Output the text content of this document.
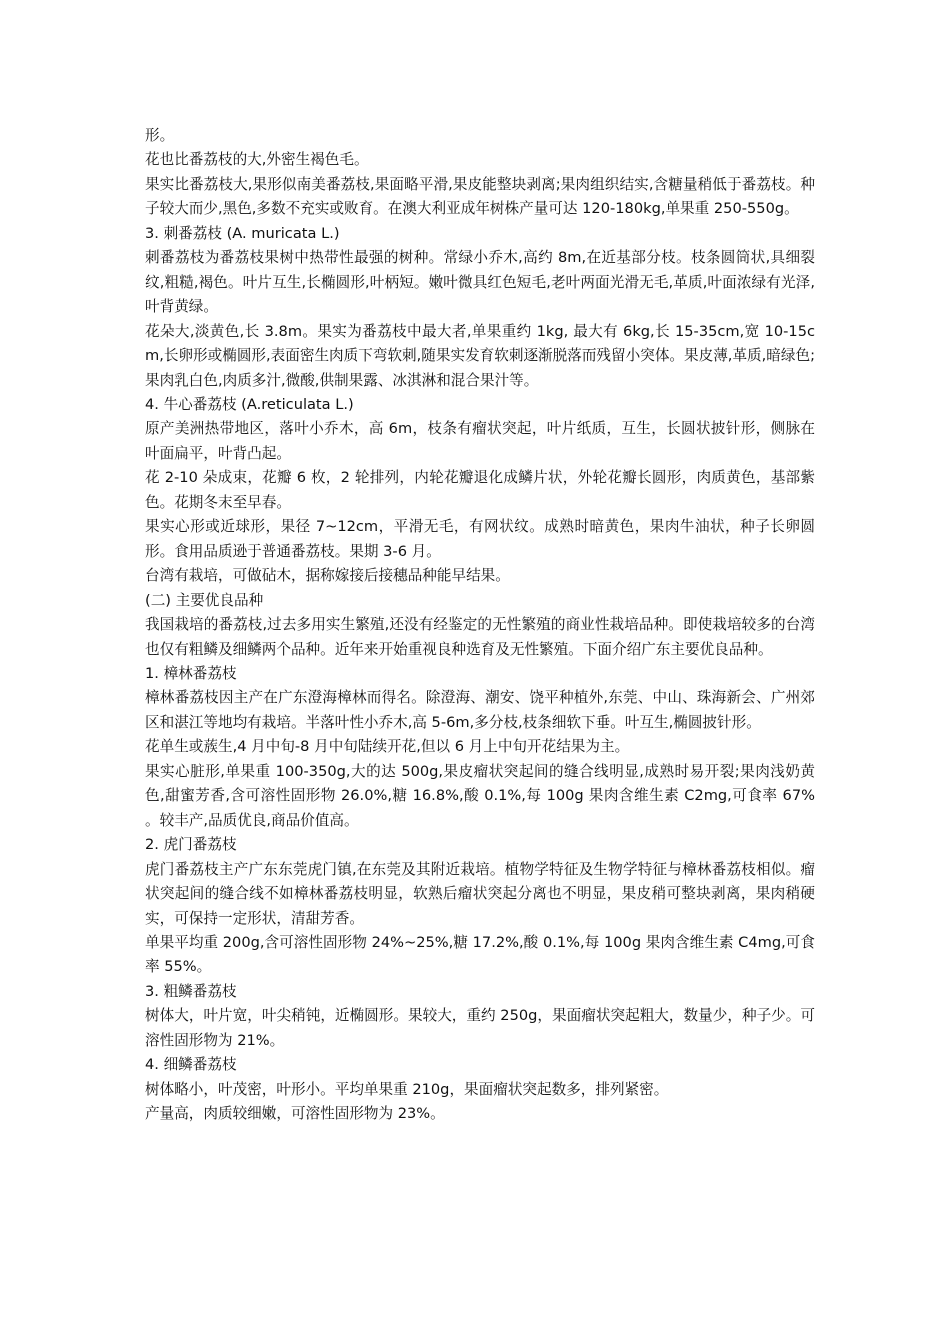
形。

花也比番荔枝的大,外密生褐色毛。

果实比番荔枝大,果形似南美番荔枝,果面略平滑,果皮能整块剥离;果肉组织结实,含糖量稍低于番荔枝。种子较大而少,黑色,多数不充实或败育。在澳大利亚成年树株产量可达 120-180kg,单果重 250-550g。

3. 刺番荔枝 (A. muricata L.)

刺番荔枝为番荔枝果树中热带性最强的树种。常绿小乔木,高约 8m,在近基部分枝。枝条圆筒状,具细裂纹,粗糙,褐色。叶片互生,长椭圆形,叶柄短。嫩叶微具红色短毛,老叶两面光滑无毛,革质,叶面浓绿有光泽,叶背黄绿。

花朵大,淡黄色,长 3.8m。果实为番荔枝中最大者,单果重约 1kg, 最大有 6kg,长 15-35cm,宽 10-15cm,长卵形或椭圆形,表面密生肉质下弯软刺,随果实发育软刺逐渐脱落而残留小突体。果皮薄,革质,暗绿色;果肉乳白色,肉质多汁,微酸,供制果露、冰淇淋和混合果汁等。

4. 牛心番荔枝 (A.reticulata L.)

原产美洲热带地区，落叶小乔木，高 6m，枝条有瘤状突起，叶片纸质，互生，长圆状披针形，侧脉在叶面扁平，叶背凸起。

花 2-10 朵成束，花瓣 6 枚，2 轮排列，内轮花瓣退化成鳞片状，外轮花瓣长圆形，肉质黄色，基部紫色。花期冬末至早春。

果实心形或近球形，果径 7~12cm，平滑无毛，有网状纹。成熟时暗黄色，果肉牛油状，种子长卵圆形。食用品质逊于普通番荔枝。果期 3-6 月。

台湾有栽培，可做砧木，据称嫁接后接穗品种能早结果。

(二) 主要优良品种

我国栽培的番荔枝,过去多用实生繁殖,还没有经鉴定的无性繁殖的商业性栽培品种。即使栽培较多的台湾也仅有粗鳞及细鳞两个品种。近年来开始重视良种选育及无性繁殖。下面介绍广东主要优良品种。

1. 樟林番荔枝

樟林番荔枝因主产在广东澄海樟林而得名。除澄海、潮安、饶平种植外,东莞、中山、珠海新会、广州郊区和湛江等地均有栽培。半落叶性小乔木,高 5-6m,多分枝,枝条细软下垂。叶互生,椭圆披针形。

花单生或蔟生,4 月中旬-8 月中旬陆续开花,但以 6 月上中旬开花结果为主。

果实心脏形,单果重 100-350g,大的达 500g,果皮瘤状突起间的缝合线明显,成熟时易开裂;果肉浅奶黄色,甜蜜芳香,含可溶性固形物 26.0%,糖 16.8%,酸 0.1%,每 100g 果肉含维生素 C2mg,可食率 67% 。较丰产,品质优良,商品价值高。

2. 虎门番荔枝

虎门番荔枝主产广东东莞虎门镇,在东莞及其附近栽培。植物学特征及生物学特征与樟林番荔枝相似。瘤状突起间的缝合线不如樟林番荔枝明显，软熟后瘤状突起分离也不明显，果皮稍可整块剥离，果肉稍硬实，可保持一定形状，清甜芳香。

单果平均重 200g,含可溶性固形物 24%~25%,糖 17.2%,酸 0.1%,每 100g 果肉含维生素 C4mg,可食率 55%。

3. 粗鳞番荔枝

树体大，叶片宽，叶尖稍钝，近椭圆形。果较大，重约 250g，果面瘤状突起粗大，数量少，种子少。可溶性固形物为 21%。

4. 细鳞番荔枝

树体略小，叶茂密，叶形小。平均单果重 210g，果面瘤状突起数多，排列紧密。

产量高，肉质较细嫩，可溶性固形物为 23%。
